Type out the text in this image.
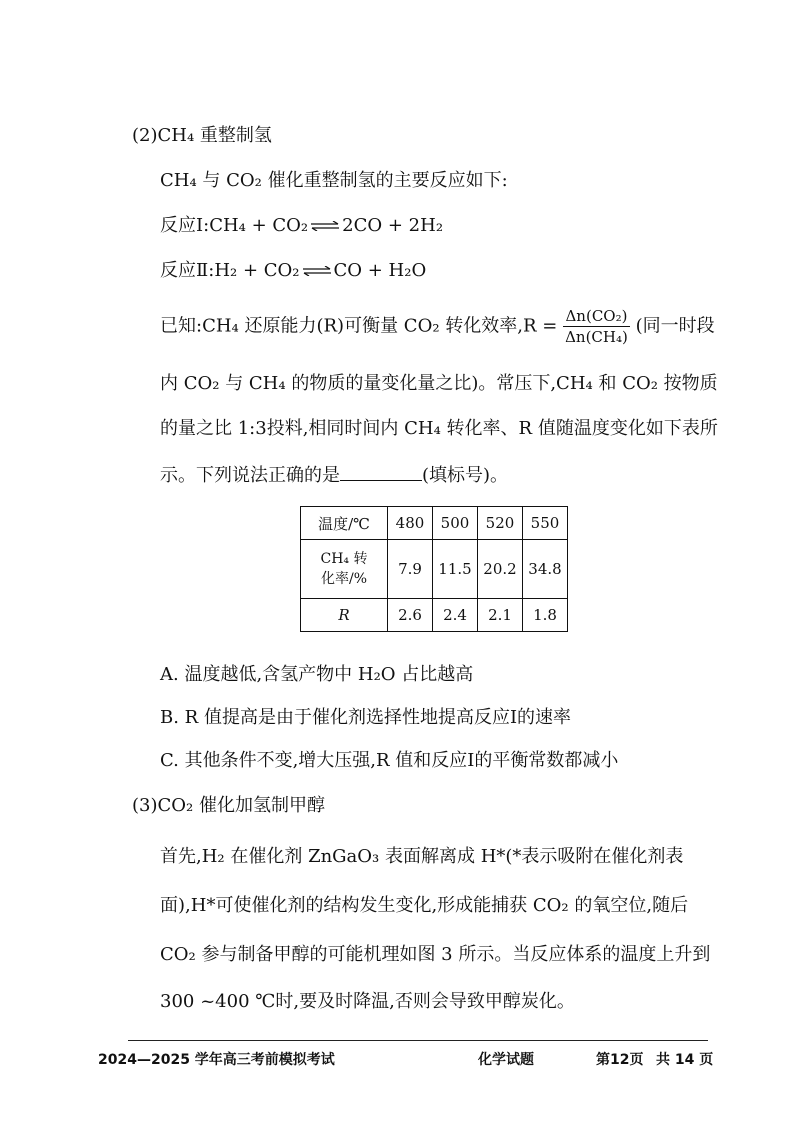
(2)CH₄ 重整制氢
CH₄ 与 CO₂ 催化重整制氢的主要反应如下:
反应Ⅰ:CH₄ + CO₂ ⇌ 2CO + 2H₂
反应Ⅱ:H₂ + CO₂ ⇌ CO + H₂O
已知:CH₄ 还原能力(R)可衡量 CO₂ 转化效率$,R = \frac{\text{Δn(CO₂)}}{\text{Δn(CH₄)}}$ (同一时段
内 CO₂ 与 CH₄ 的物质的量变化量之比)。常压下,CH₄ 和 CO₂ 按物质
的量之比 1:3投料,相同时间内 CH₄ 转化率、R 值随温度变化如下表所
示。下列说法正确的是	(填标号)。
温度/℃	480	500	520	550

CH₄ 转
化率/%	7.9	11.5	20.2	34.8
R	2.6	2.4	2.1	1.8
A. 温度越低,含氢产物中 H₂O 占比越高
B. R 值提高是由于催化剂选择性地提高反应Ⅰ的速率
C. 其他条件不变,增大压强,R 值和反应Ⅰ的平衡常数都减小
(3)CO₂ 催化加氢制甲醇
首先,H₂ 在催化剂 ZnGaO₃ 表面解离成 H*(*表示吸附在催化剂表
面),H*可使催化剂的结构发生变化,形成能捕获 CO₂ 的氧空位,随后
CO₂ 参与制备甲醇的可能机理如图 3 所示。当反应体系的温度上升到
300 ~400 ℃时,要及时降温,否则会导致甲醇炭化。
2024—2025 学年高三考前模拟考试	化学试题	第12页 共 14 页
